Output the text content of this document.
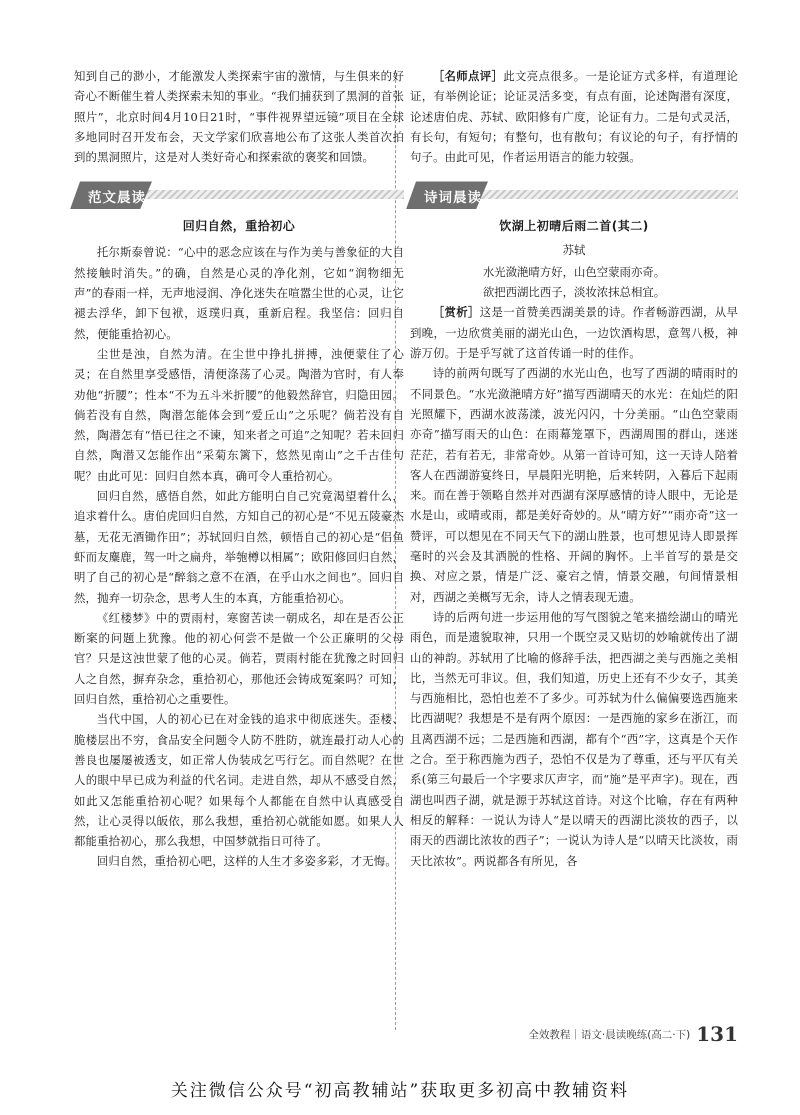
知到自己的渺小，才能激发人类探索宇宙的激情，与生俱来的好奇心不断催生着人类探索未知的事业。“我们捕获到了黑洞的首张照片”，北京时间4月10日21时，“事件视界望远镜”项目在全球多地同时召开发布会，天文学家们欣喜地公布了这张人类首次拍到的黑洞照片，这是对人类好奇心和探索欲的褒奖和回馈。

范文晨读
回归自然，重拾初心

托尔斯泰曾说：“心中的恶念应该在与作为美与善象征的大自然接触时消失。”的确，自然是心灵的净化剂，它如“润物细无声”的春雨一样，无声地浸润、净化迷失在喧嚣尘世的心灵，让它褪去浮华，卸下包袱，返璞归真，重新启程。我坚信：回归自然，便能重拾初心。

尘世是浊，自然为清。在尘世中挣扎拼搏，浊便蒙住了心灵；在自然里享受感悟，清便涤荡了心灵。陶潜为官时，有人奉劝他“折腰”；性本“不为五斗米折腰”的他毅然辞官，归隐田园。倘若没有自然，陶潜怎能体会到“爱丘山”之乐呢？倘若没有自然，陶潜怎有“悟已往之不谏，知来者之可追”之知呢？若未回归自然，陶潜又怎能作出“采菊东篱下，悠然见南山”之千古佳句呢？由此可见：回归自然本真，确可令人重拾初心。

回归自然，感悟自然，如此方能明白自己究竟渴望着什么，追求着什么。唐伯虎回归自然，方知自己的初心是“不见五陵豪杰墓，无花无酒锄作田”；苏轼回归自然，顿悟自己的初心是“侣鱼虾而友麋鹿，驾一叶之扁舟，举匏樽以相属”；欧阳修回归自然，明了自己的初心是“醉翁之意不在酒，在乎山水之间也”。回归自然，抛弃一切杂念，思考人生的本真，方能重拾初心。

《红楼梦》中的贾雨村，寒窗苦读一朝成名，却在是否公正断案的问题上犹豫。他的初心何尝不是做一个公正廉明的父母官？只是这浊世蒙了他的心灵。倘若，贾雨村能在犹豫之时回归人之自然，摒弃杂念，重拾初心，那他还会铸成冤案吗？可知，回归自然，重拾初心之重要性。

当代中国，人的初心已在对金钱的追求中彻底迷失。歪楼、脆楼层出不穷，食品安全问题令人防不胜防，就连最打动人心的善良也屡屡被透支，如正常人伪装成乞丐行乞。而自然呢？在世人的眼中早已成为利益的代名词。走进自然，却从不感受自然，如此又怎能重拾初心呢？如果每个人都能在自然中认真感受自然，让心灵得以皈依，那么我想，重拾初心就能如愿。如果人人都能重拾初心，那么我想，中国梦就指日可待了。

回归自然，重拾初心吧，这样的人生才多姿多彩，才无悔。

［名师点评］此文亮点很多。一是论证方式多样，有道理论证，有举例论证；论证灵活多变，有点有面，论述陶潜有深度，论述唐伯虎、苏轼、欧阳修有广度，论证有力。二是句式灵活，有长句，有短句；有整句，也有散句；有议论的句子，有抒情的句子。由此可见，作者运用语言的能力较强。

诗词晨读
饮湖上初晴后雨二首(其二)
苏轼
水光潋滟晴方好，山色空蒙雨亦奇。
欲把西湖比西子，淡妆浓抹总相宜。

［赏析］这是一首赞美西湖美景的诗。作者畅游西湖，从早到晚，一边欣赏美丽的湖光山色，一边饮酒构思，意驾八极，神游万仞。于是乎写就了这首传诵一时的佳作。

诗的前两句既写了西湖的水光山色，也写了西湖的晴雨时的不同景色。“水光潋滟晴方好”描写西湖晴天的水光：在灿烂的阳光照耀下，西湖水波荡漾，波光闪闪，十分美丽。“山色空蒙雨亦奇”描写雨天的山色：在雨幕笼罩下，西湖周围的群山，迷迷茫茫，若有若无，非常奇妙。从第一首诗可知，这一天诗人陪着客人在西湖游宴终日，早晨阳光明艳，后来转阴，入暮后下起雨来。而在善于领略自然并对西湖有深厚感情的诗人眼中，无论是水是山，或晴或雨，都是美好奇妙的。从“晴方好”“雨亦奇”这一赞评，可以想见在不同天气下的湖山胜景，也可想见诗人即景挥毫时的兴会及其洒脱的性格、开阔的胸怀。上半首写的景是交换、对应之景，情是广泛、豪宕之情，情景交融，句间情景相对，西湖之美概写无余，诗人之情表现无遗。

诗的后两句进一步运用他的写气图貌之笔来描绘湖山的晴光雨色，而是遗貌取神，只用一个既空灵又贴切的妙喻就传出了湖山的神韵。苏轼用了比喻的修辞手法，把西湖之美与西施之美相比，当然无可非议。但，我们知道，历史上还有不少女子，其美与西施相比，恐怕也差不了多少。可苏轼为什么偏偏要选西施来比西湖呢？我想是不是有两个原因：一是西施的家乡在浙江，而且离西湖不远；二是西施和西湖，都有个“西”字，这真是个天作之合。至于称西施为西子，恐怕不仅是为了尊重，还与平仄有关系(第三句最后一个字要求仄声字，而“施”是平声字)。现在，西湖也叫西子湖，就是源于苏轼这首诗。对这个比喻，存在有两种相反的解释：一说认为诗人“是以晴天的西湖比淡妆的西子，以雨天的西湖比浓妆的西子”；一说认为诗人是“以晴天比淡妆，雨天比浓妆”。两说都各有所见，各

全效教程｜语文·晨读晚练(高二·下) 131
关注微信公众号“初高教辅站”获取更多初高中教辅资料
